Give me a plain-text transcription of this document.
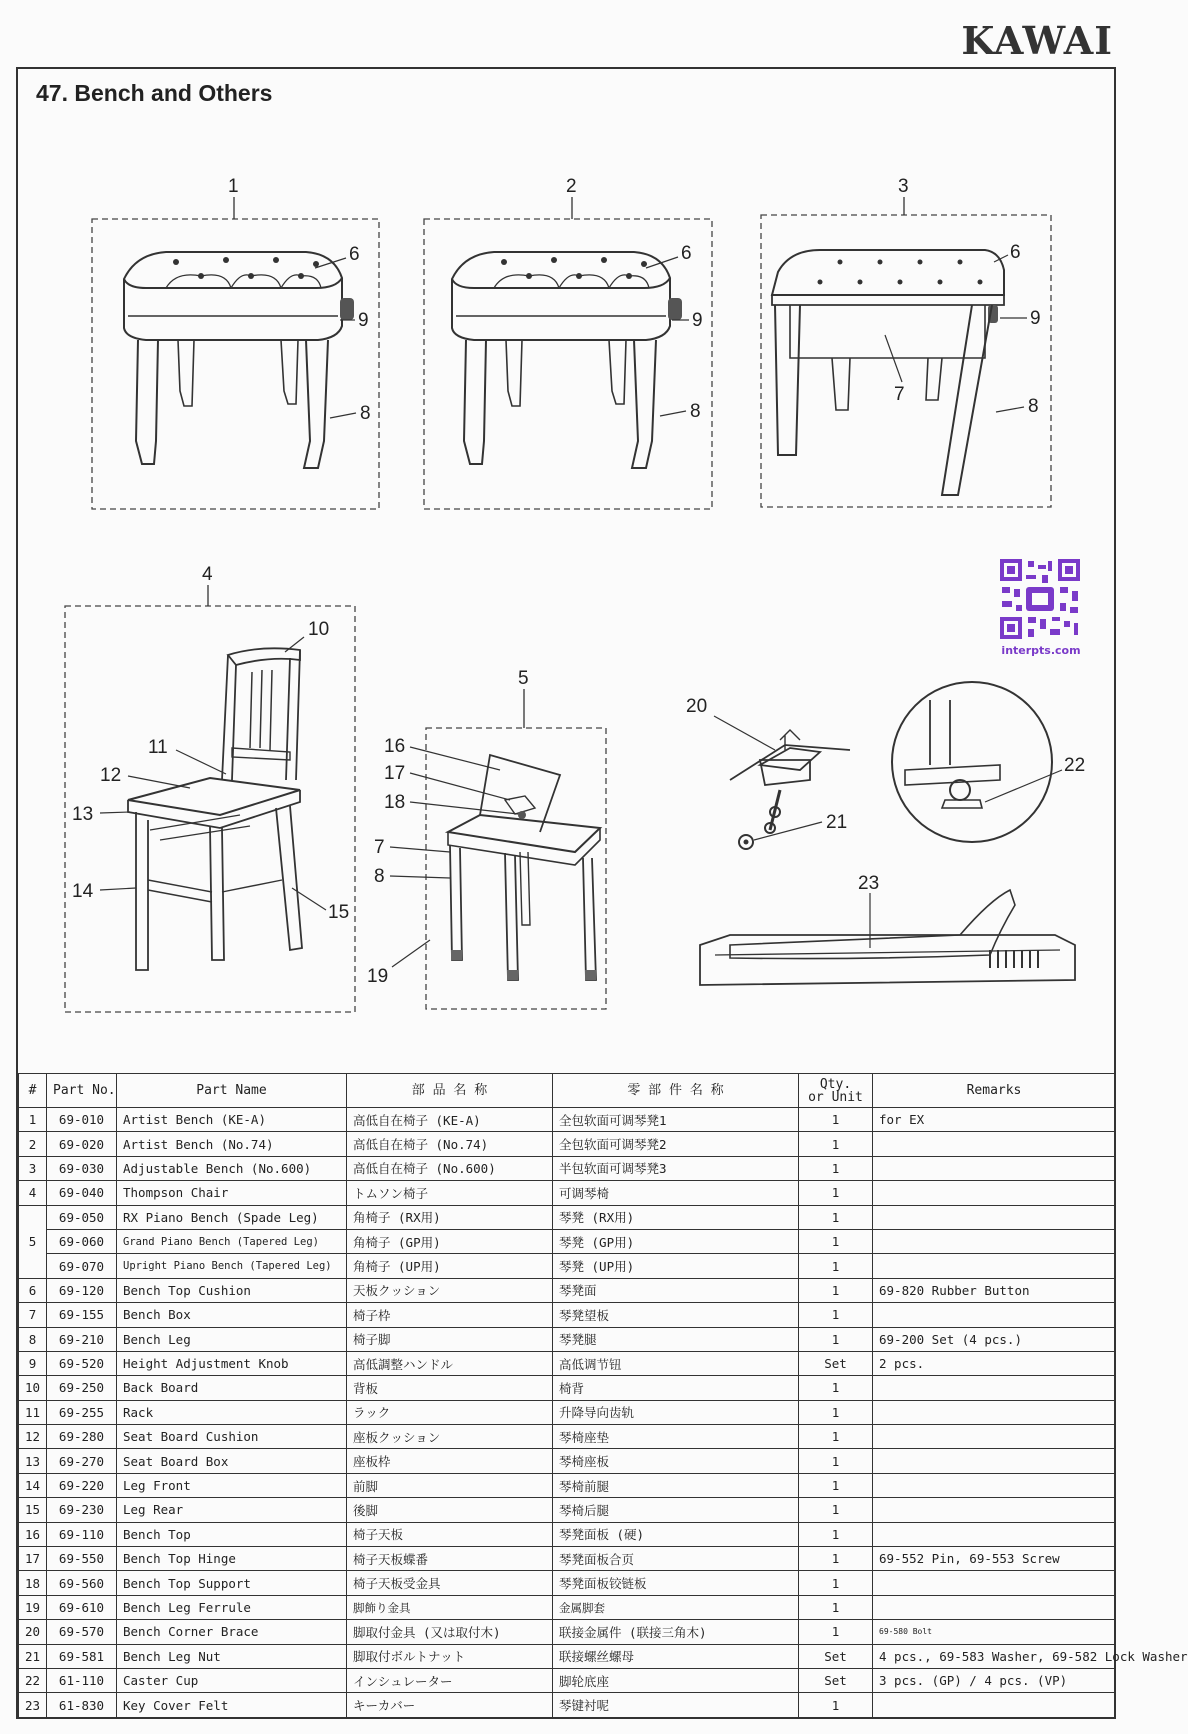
KAWAI
47. Bench and Others
1
6
9
8
2
6
9
8
3
6
9
7
8
4
10
11
12
13
14
15
5
16
17
18
7
8
19
20
21
22
23
interpts.com
#	Part No.	Part Name	部 品 名 称	零 部 件 名 称	Qty.
or Unit	Remarks
1	69-010	Artist Bench (KE-A)	高低自在椅子 (KE-A)	全包软面可调琴凳1	1	for EX
2	69-020	Artist Bench (No.74)	高低自在椅子 (No.74)	全包软面可调琴凳2	1	
3	69-030	Adjustable Bench (No.600)	高低自在椅子 (No.600)	半包软面可调琴凳3	1	
4	69-040	Thompson Chair	トムソン椅子	可调琴椅	1	
5	69-050	RX Piano Bench (Spade Leg)	角椅子 (RX用)	琴凳 (RX用)	1	
	69-060	Grand Piano Bench (Tapered Leg)	角椅子 (GP用)	琴凳 (GP用)	1	
	69-070	Upright Piano Bench (Tapered Leg)	角椅子 (UP用)	琴凳 (UP用)	1	
6	69-120	Bench Top Cushion	天板クッション	琴凳面	1	69-820 Rubber Button
7	69-155	Bench Box	椅子枠	琴凳望板	1	
8	69-210	Bench Leg	椅子脚	琴凳腿	1	69-200 Set (4 pcs.)
9	69-520	Height Adjustment Knob	高低調整ハンドル	高低调节钮	Set	2 pcs.
10	69-250	Back Board	背板	椅背	1	
11	69-255	Rack	ラック	升降导向齿轨	1	
12	69-280	Seat Board Cushion	座板クッション	琴椅座垫	1	
13	69-270	Seat Board Box	座板枠	琴椅座板	1	
14	69-220	Leg Front	前脚	琴椅前腿	1	
15	69-230	Leg Rear	後脚	琴椅后腿	1	
16	69-110	Bench Top	椅子天板	琴凳面板 (硬)	1	
17	69-550	Bench Top Hinge	椅子天板蝶番	琴凳面板合页	1	69-552 Pin, 69-553 Screw
18	69-560	Bench Top Support	椅子天板受金具	琴凳面板铰链板	1	
19	69-610	Bench Leg Ferrule	脚飾り金具	金属脚套	1	
20	69-570	Bench Corner Brace	脚取付金具 (又は取付木)	联接金属件 (联接三角木)	1	69-580 Bolt
21	69-581	Bench Leg Nut	脚取付ボルトナット	联接螺丝螺母	Set	4 pcs., 69-583 Washer, 69-582 Lock Washer
22	61-110	Caster Cup	インシュレーター	脚轮底座	Set	3 pcs. (GP) / 4 pcs. (VP)
23	61-830	Key Cover Felt	キーカバー	琴键衬呢	1	
